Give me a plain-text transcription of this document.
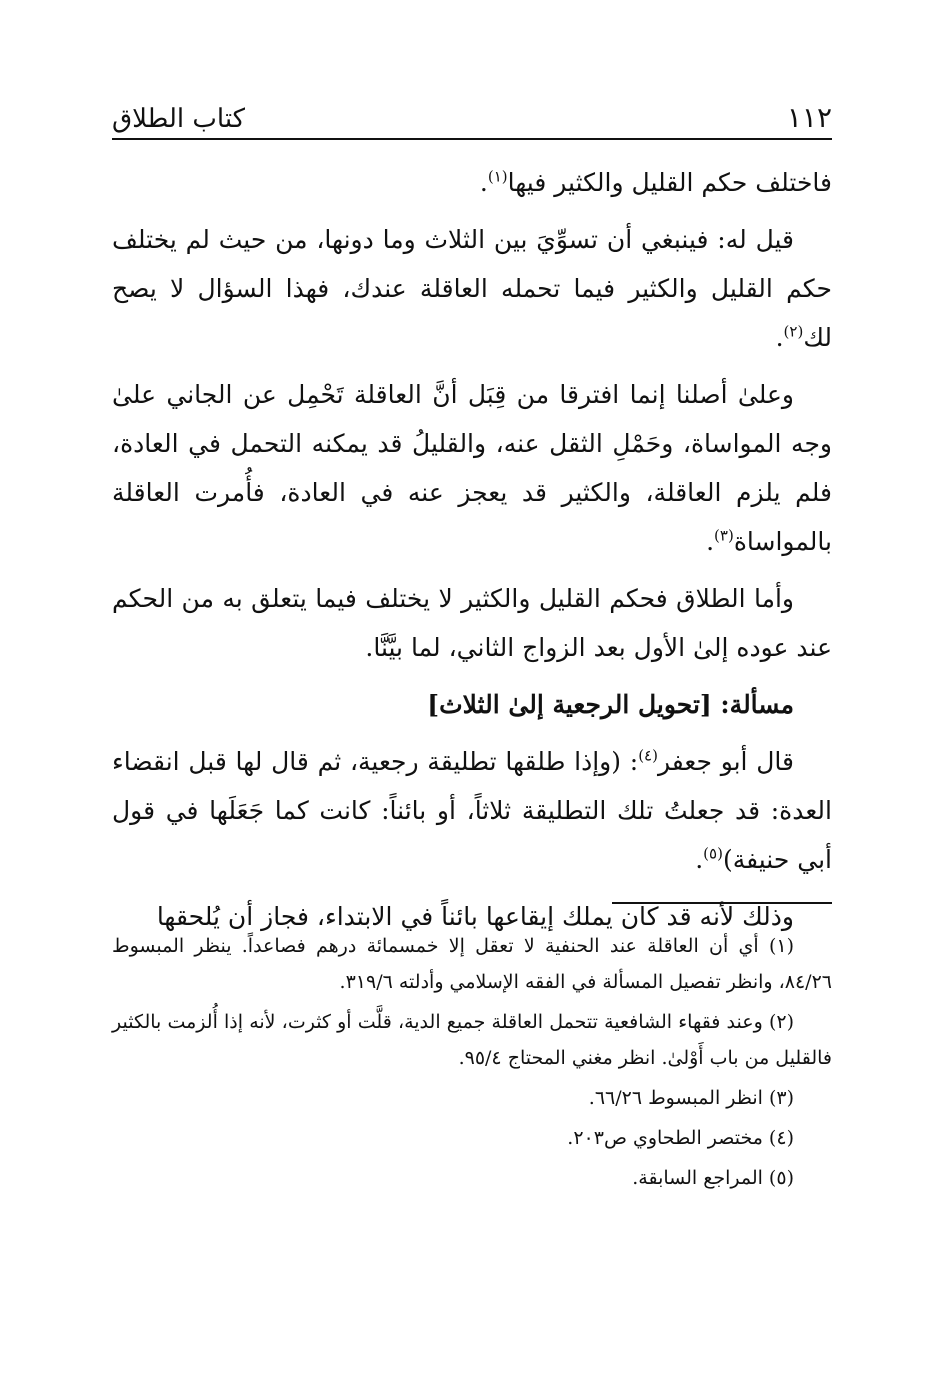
١١٢
كتاب الطلاق

فاختلف حكم القليل والكثير فيها$^{(١)}$.

قيل له: فينبغي أن تسوِّيَ بين الثلاث وما دونها، من حيث لم يختلف حكم القليل والكثير فيما تحمله العاقلة عندك، فهذا السؤال لا يصح لك$^{(٢)}$.

وعلىٰ أصلنا إنما افترقا من قِبَل أنَّ العاقلة تَحْمِل عن الجاني علىٰ وجه المواساة، وحَمْلِ الثقل عنه، والقليلُ قد يمكنه التحمل في العادة، فلم يلزم العاقلة، والكثير قد يعجز عنه في العادة، فأُمرت العاقلة بالمواساة$^{(٣)}$.

وأما الطلاق فحكم القليل والكثير لا يختلف فيما يتعلق به من الحكم عند عوده إلىٰ الأول بعد الزواج الثاني، لما بيَّنَّا.

مسألة: [تحويل الرجعية إلىٰ الثلاث]

قال أبو جعفر$^{(٤)}$: (وإذا طلقها تطليقة رجعية، ثم قال لها قبل انقضاء العدة: قد جعلتُ تلك التطليقة ثلاثاً، أو بائناً: كانت كما جَعَلَها في قول أبي حنيفة)$^{(٥)}$.

وذلك لأنه قد كان يملك إيقاعها بائناً في الابتداء، فجاز أن يُلحقها

(١) أي أن العاقلة عند الحنفية لا تعقل إلا خمسمائة درهم فصاعداً. ينظر المبسوط ٨٤/٢٦، وانظر تفصيل المسألة في الفقه الإسلامي وأدلته ٣١٩/٦.

(٢) وعند فقهاء الشافعية تتحمل العاقلة جميع الدية، قلَّت أو كثرت، لأنه إذا أُلزمت بالكثير فالقليل من باب أَوْلىٰ. انظر مغني المحتاج ٩٥/٤.

(٣) انظر المبسوط ٦٦/٢٦.

(٤) مختصر الطحاوي ص٢٠٣.

(٥) المراجع السابقة.
